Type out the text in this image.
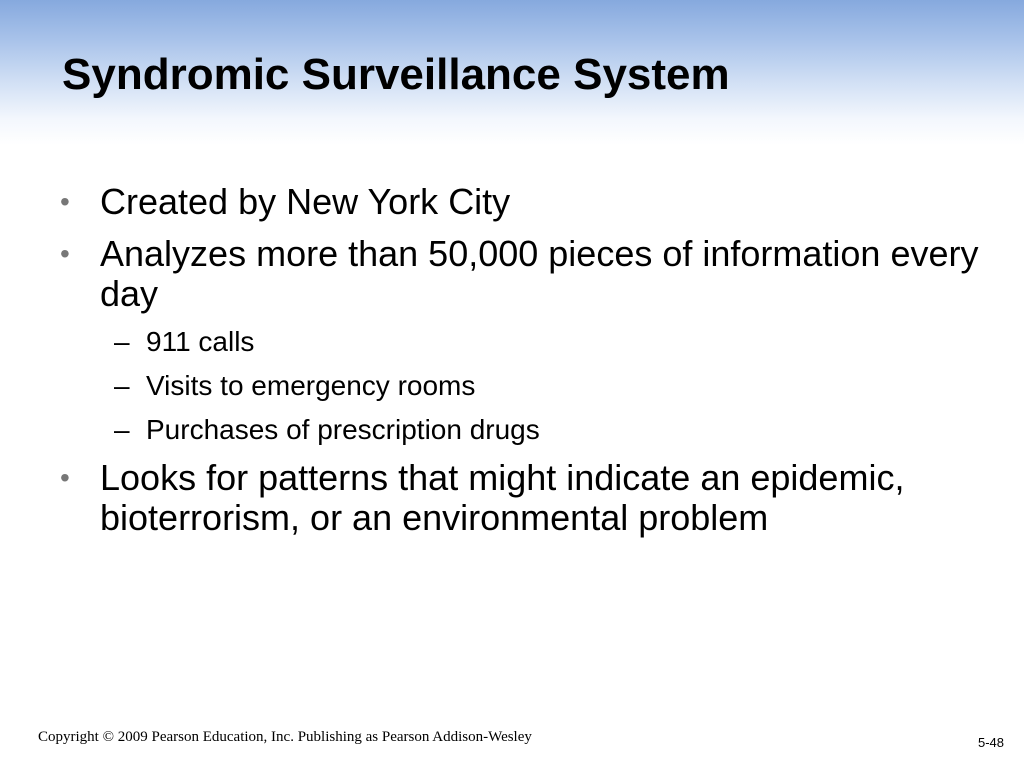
Syndromic Surveillance System
• Created by New York City
• Analyzes more than 50,000 pieces of information every day
– 911 calls
– Visits to emergency rooms
– Purchases of prescription drugs
• Looks for patterns that might indicate an epidemic, bioterrorism, or an environmental problem
Copyright © 2009 Pearson Education, Inc. Publishing as Pearson Addison-Wesley	5-48
